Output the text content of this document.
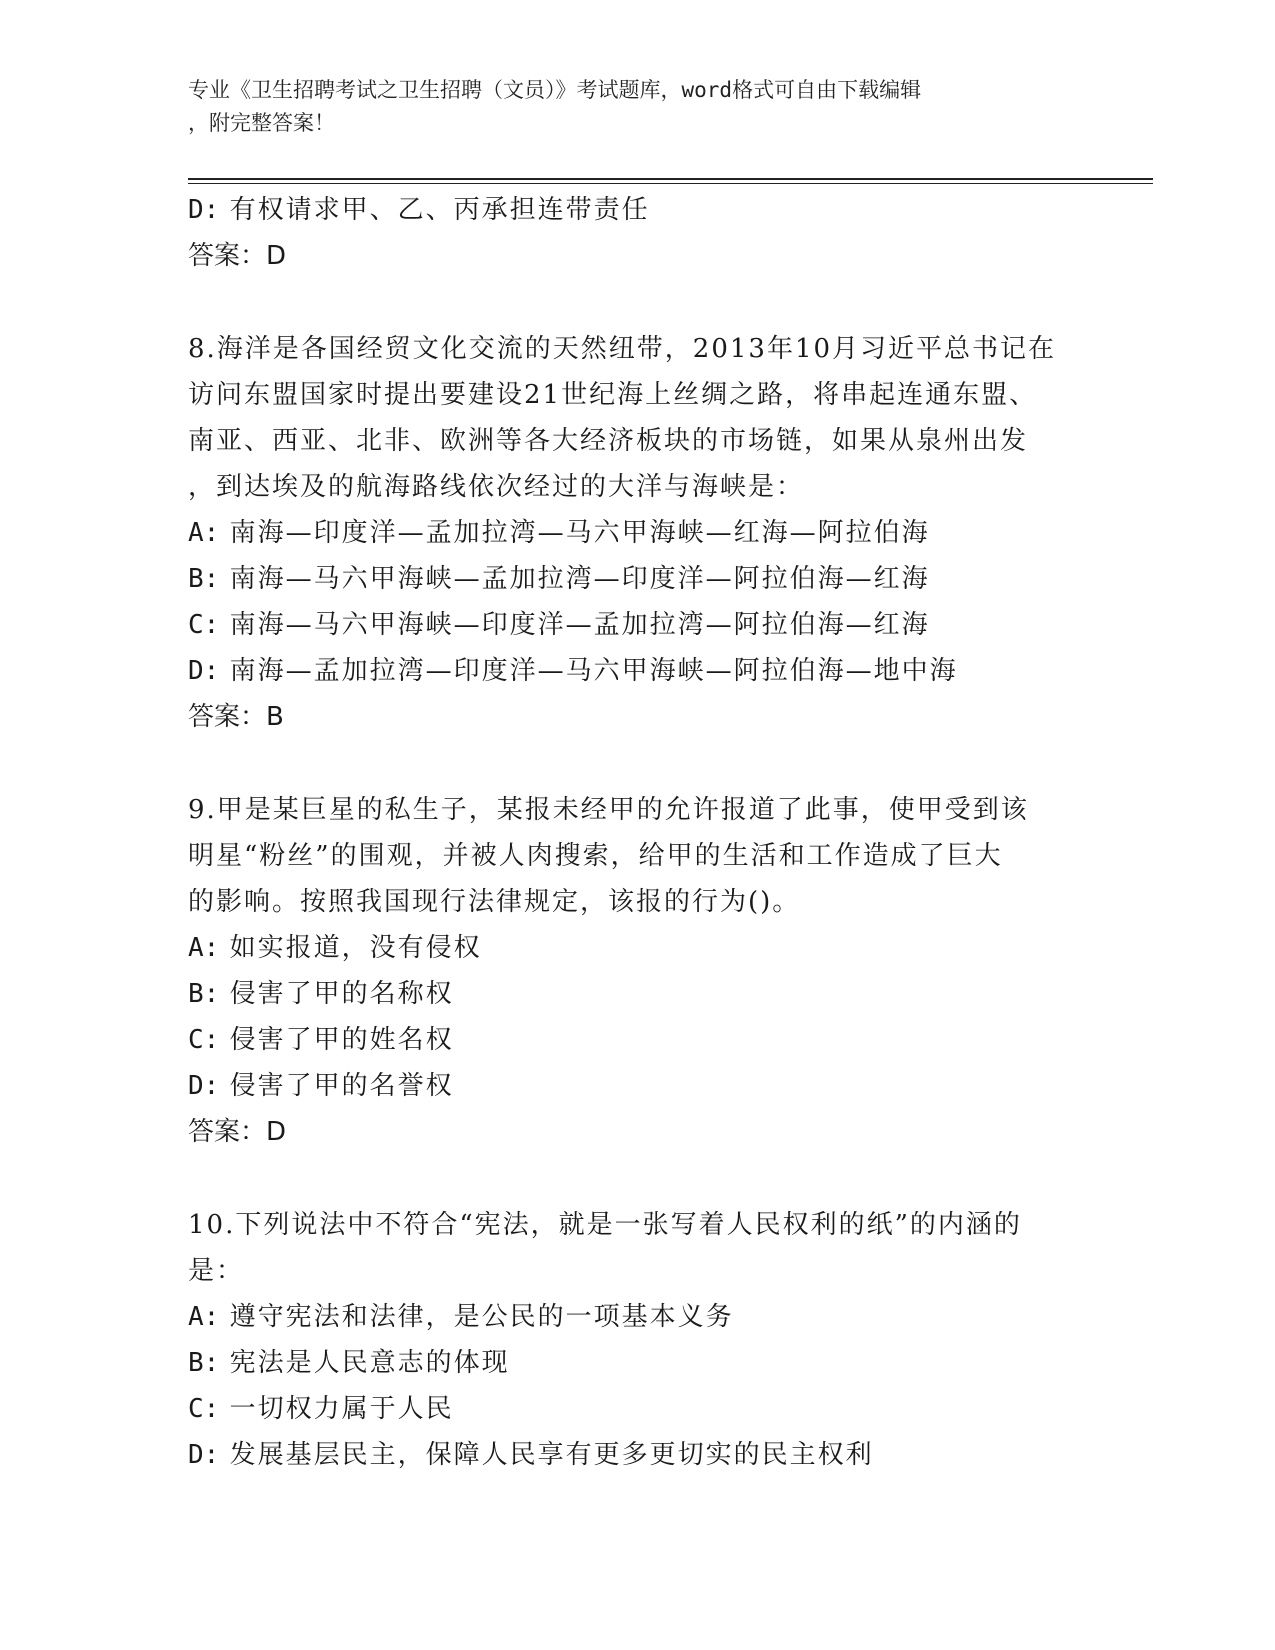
专业《卫生招聘考试之卫生招聘（文员）》考试题库，word格式可自由下载编辑
，附完整答案！
D: 有权请求甲、乙、丙承担连带责任
答案：D
8.海洋是各国经贸文化交流的天然纽带，2013年10月习近平总书记在
访问东盟国家时提出要建设21世纪海上丝绸之路，将串起连通东盟、
南亚、西亚、北非、欧洲等各大经济板块的市场链，如果从泉州出发
，到达埃及的航海路线依次经过的大洋与海峡是：
A: 南海—印度洋—孟加拉湾—马六甲海峡—红海—阿拉伯海
B: 南海—马六甲海峡—孟加拉湾—印度洋—阿拉伯海—红海
C: 南海—马六甲海峡—印度洋—孟加拉湾—阿拉伯海—红海
D: 南海—孟加拉湾—印度洋—马六甲海峡—阿拉伯海—地中海
答案：B
9.甲是某巨星的私生子，某报未经甲的允许报道了此事，使甲受到该
明星“粉丝”的围观，并被人肉搜索，给甲的生活和工作造成了巨大
的影响。按照我国现行法律规定，该报的行为()。
A: 如实报道，没有侵权
B: 侵害了甲的名称权
C: 侵害了甲的姓名权
D: 侵害了甲的名誉权
答案：D
10.下列说法中不符合“宪法，就是一张写着人民权利的纸”的内涵的
是：
A: 遵守宪法和法律，是公民的一项基本义务
B: 宪法是人民意志的体现
C: 一切权力属于人民
D: 发展基层民主，保障人民享有更多更切实的民主权利
